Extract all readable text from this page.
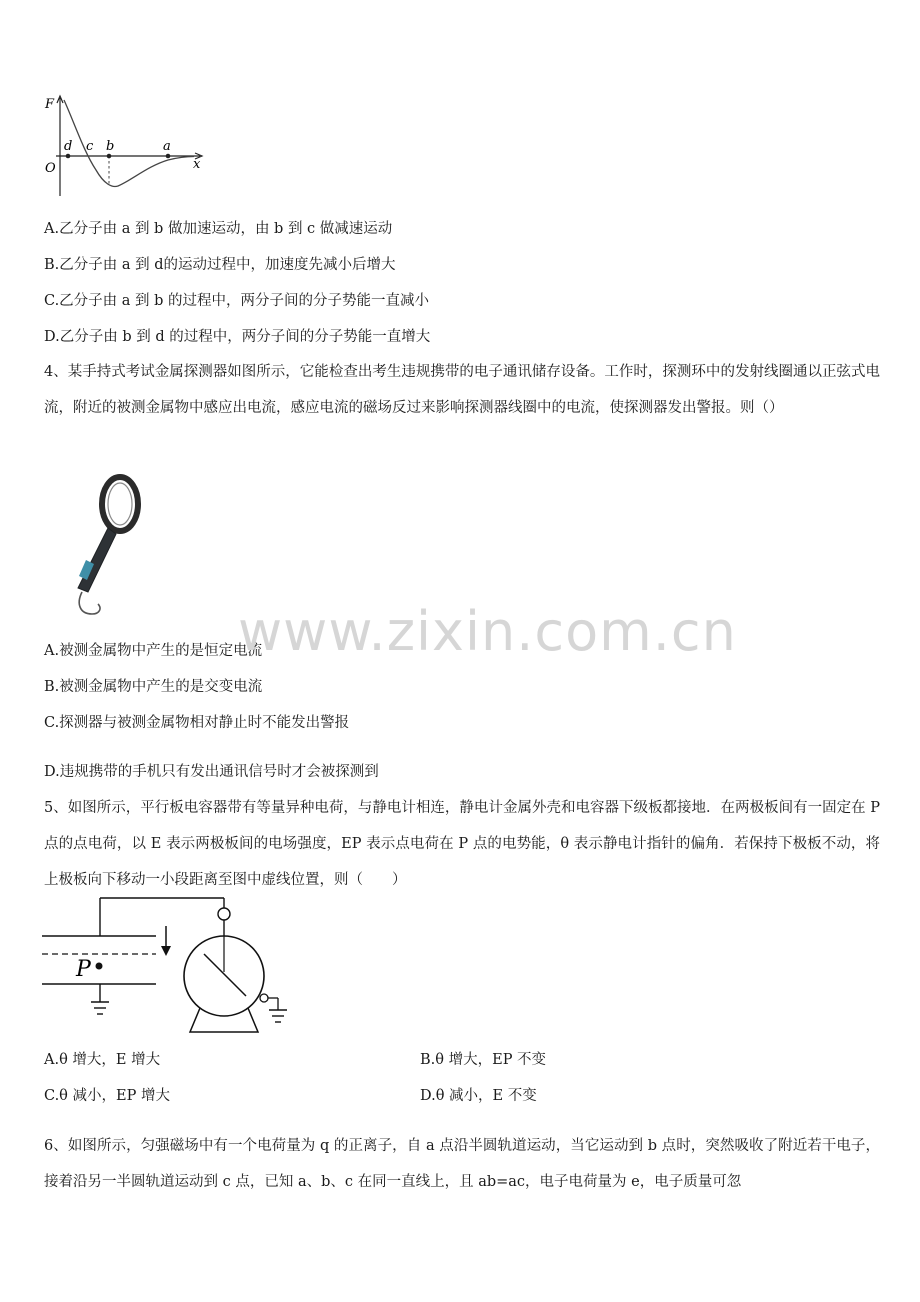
F
x
O
d c b	a
A.乙分子由 a 到 b 做加速运动，由 b 到 c 做减速运动
B.乙分子由 a 到 d的运动过程中，加速度先减小后增大
C.乙分子由 a 到 b 的过程中，两分子间的分子势能一直减小
D.乙分子由 b 到 d 的过程中，两分子间的分子势能一直增大
4、某手持式考试金属探测器如图所示，它能检查出考生违规携带的电子通讯储存设备。工作时，探测环中的发射线圈通以正弦式电流，附近的被测金属物中感应出电流，感应电流的磁场反过来影响探测器线圈中的电流，使探测器发出警报。则（）
A.被测金属物中产生的是恒定电流
B.被测金属物中产生的是交变电流
C.探测器与被测金属物相对静止时不能发出警报
D.违规携带的手机只有发出通讯信号时才会被探测到
www.zixin.com.cn
5、如图所示，平行板电容器带有等量异种电荷，与静电计相连，静电计金属外壳和电容器下级板都接地．在两极板间有一固定在 P 点的点电荷，以 E 表示两极板间的电场强度，EP 表示点电荷在 P 点的电势能，θ 表示静电计指针的偏角．若保持下极板不动，将上极板向下移动一小段距离至图中虚线位置，则（　　）
P
A.θ 增大，E 增大	B.θ 增大，EP 不变
C.θ 减小，EP 增大	D.θ 减小，E 不变
6、如图所示，匀强磁场中有一个电荷量为 q 的正离子，自 a 点沿半圆轨道运动，当它运动到 b 点时，突然吸收了附近若干电子，接着沿另一半圆轨道运动到 c 点，已知 a、b、c 在同一直线上，且 ab=ac，电子电荷量为 e，电子质量可忽
